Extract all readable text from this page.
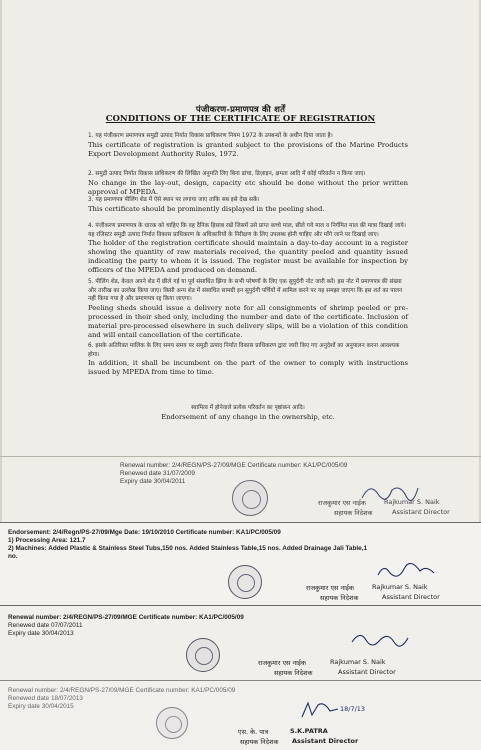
पंजीकरण-प्रमाणपत्र की शर्तें
CONDITIONS OF THE CERTIFICATE OF REGISTRATION
1. यह पंजीकरण प्रमाणपत्र समुद्री उत्पाद निर्यात विकास प्राधिकरण नियम 1972 के उपबन्धों के अधीन दिया जाता है।
This certificate of registration is granted subject to the provisions of the Marine Products Export Development Authority Rules, 1972.
2. समुद्री उत्पाद निर्यात विकास प्राधिकरण की लिखित अनुमति लिए बिना ढांचा, डिज़ाइन, क्षमता आदि में कोई परिवर्तन न किया जाए।
No change in the lay-out, design, capacity etc should be done without the prior written approval of MPEDA.
3. यह प्रमाणपत्र पीलिंग शेड में ऐसे स्थान पर लगाया जाए ताकि सब इसे देख सकें।
This certificate should be prominently displayed in the peeling shed.
4. पंजीकरण प्रमाणपत्र के धारक को चाहिए कि वह दैनिक हिसाब रखें जिसमें उसे प्राप्त कच्चे माल, छीले गये माल व निर्गमित माल की मात्रा दिखाई जाये। यह रजिस्टर समुद्री उत्पाद निर्यात विकास प्राधिकरण के अधिकारियों के निरीक्षण के लिए उपलब्ध होनी चाहिए और माँगे जाने पर दिखाई जाए।
The holder of the registration certificate should maintain a day-to-day account in a register showing the quantity of raw materials received, the quantity peeled and quantity issued indicating the party to whom it is issued. The register must be available for inspection by officers of the MPEDA and produced on demand.
5. पीलिंग शेड, केवल अपने शेड में छीले गई या पूर्व संसाधित झिंगा के सभी परेषणों के लिए एक सुपुर्दगी नोट जारी करें। इस नोट में प्रमाणपत्र की संख्या और तारीख का उल्लेख किया जाए। किसी अन्य शेड में संसाधित सामग्री इन सुपुर्दगी पर्चियों में शामिल करने पर यह समझा जाएगा कि इस शर्त का पालन नहीं किया गया है और प्रमाणपत्र रद्द किया जाएगा।
Peeling sheds should issue a delivery note for all consignments of shrimp peeled or pre-processed in their shed only, including the number and date of the certificate. Inclusion of material pre-processed elsewhere in such delivery slips, will be a violation of this condition and will entail cancellation of the certificate.
6. इसके अतिरिक्त मालिक के लिए समय समय पर समुद्री उत्पाद निर्यात विकास प्राधिकरण द्वारा जारी किए गए अनुदेशों का अनुपालन करना आवश्यक होगा।
In addition, it shall be incumbent on the part of the owner to comply with instructions issued by MPEDA from time to time.
स्वामित्व में होनेवाले प्रत्येक परिवर्तन का पृष्ठांकन आदि।
Endorsement of any change in the ownership, etc.
Renewal number: 2/4/REGN/PS-27/09/MGE Certificate number: KA1/PC/005/09
Renewed date 31/07/2009
Expiry date 30/04/2011
राजकुमार एस नाईक	Rajkumar S. Naik
सहायक निदेशक	Assistant Director
Endorsement: 2/4/Regn/PS-27/09/Mge Date: 19/10/2010 Certificate number: KA1/PC/005/09
1) Processing Area: 121.7
2) Machines: Added Plastic & Stainless Steel Tubs,150 nos. Added Stainless Table,15 nos. Added Drainage Jali Table,1
no.
राजकुमार एस नाईक	Rajkumar S. Naik
सहायक निदेशक	Assistant Director
Renewal number: 2/4/REGN/PS-27/09/MGE Certificate number: KA1/PC/005/09
Renewed date 07/07/2011
Expiry date 30/04/2013
राजकुमार एस नाईक	Rajkumar S. Naik
सहायक निदेशक	Assistant Director
Renewal number: 2/4/REGN/PS-27/09/MGE Certificate number: KA1/PC/005/09
Renewed date 18/07/2013
Expiry date 30/04/2015	18/7/13
एस. के. पात्र	S.K.PATRA
सहायक निदेशक Assistant Director
